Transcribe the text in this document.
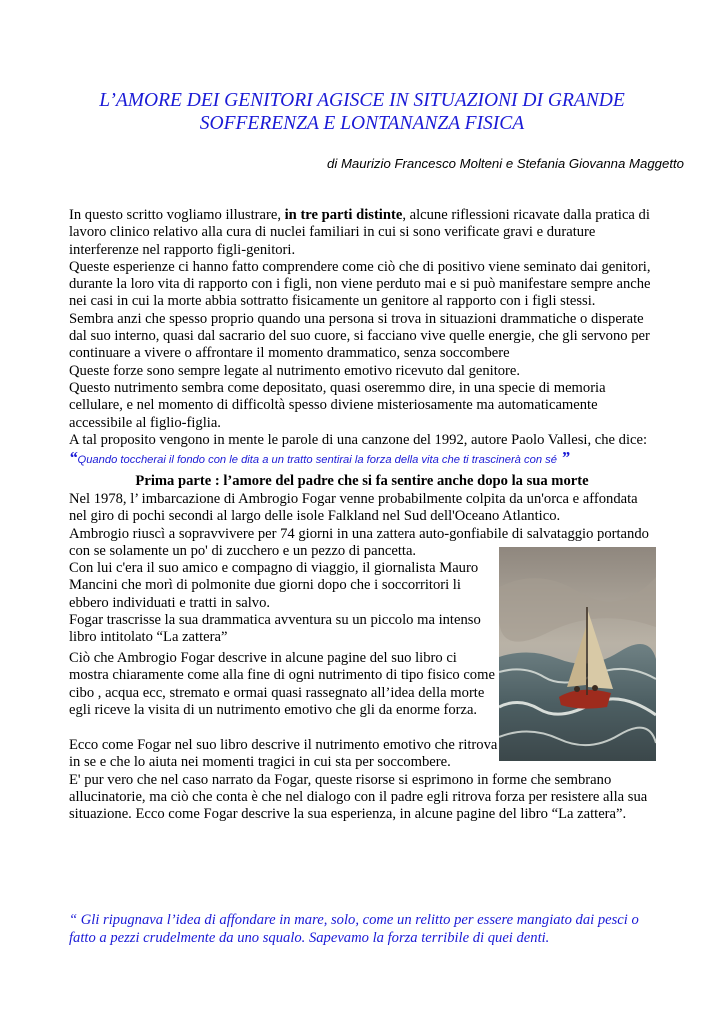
L’AMORE DEI GENITORI AGISCE IN SITUAZIONI DI GRANDE
SOFFERENZA E LONTANANZA FISICA
di Maurizio Francesco Molteni e Stefania Giovanna Maggetto

In questo scritto vogliamo illustrare, in tre parti distinte, alcune riflessioni ricavate dalla pratica di

lavoro clinico relativo alla cura di nuclei familiari in cui si sono verificate gravi e durature

interferenze nel rapporto figli-genitori.

Queste esperienze ci hanno fatto comprendere come ciò che di positivo viene seminato dai genitori,

durante la loro vita di rapporto con i figli, non viene perduto mai e si può manifestare sempre anche

nei casi in cui la morte abbia sottratto fisicamente un genitore al rapporto con i figli stessi.

Sembra anzi che spesso proprio quando una persona si trova in situazioni drammatiche o disperate

dal suo interno, quasi dal sacrario del suo cuore, si facciano vive quelle energie, che gli servono per

continuare a vivere o affrontare il momento drammatico, senza soccombere

Queste forze sono sempre legate al nutrimento emotivo ricevuto dal genitore.

Questo nutrimento sembra come depositato, quasi oseremmo dire, in una specie di memoria

cellulare, e nel momento di difficoltà spesso diviene misteriosamente ma automaticamente

accessibile al figlio-figlia.

A tal proposito vengono in mente le parole di una canzone del 1992, autore Paolo Vallesi, che dice:

“Quando toccherai il fondo con le dita a un tratto sentirai la forza della vita che ti trascinerà con sé ”

Prima parte : l’amore del padre che si fa sentire anche dopo la sua morte

Nel 1978, l’ imbarcazione di Ambrogio Fogar venne probabilmente colpita da un'orca e affondata

nel giro di pochi secondi al largo delle isole Falkland nel Sud dell'Oceano Atlantico.

Ambrogio riuscì a sopravvivere per 74 giorni in una zattera auto-gonfiabile di salvataggio portando

con se solamente un po' di zucchero e un pezzo di pancetta.

Con lui c'era il suo amico e compagno di viaggio, il giornalista Mauro

Mancini che morì di polmonite due giorni dopo che i soccorritori li

ebbero individuati e tratti in salvo.

Fogar trascrisse la sua drammatica avventura su un piccolo ma intenso

libro intitolato “La zattera”

Ciò che Ambrogio Fogar descrive in alcune pagine del suo libro ci

mostra chiaramente come alla fine di ogni nutrimento di tipo fisico come

cibo , acqua ecc, stremato e ormai quasi rassegnato all’idea della morte

egli riceve la visita di un nutrimento emotivo che gli da enorme forza.

Ecco come Fogar nel suo libro descrive il nutrimento emotivo che ritrova

in se e che lo aiuta nei momenti tragici in cui sta per soccombere.

E' pur vero che nel caso narrato da Fogar, queste risorse si esprimono in forme che sembrano

allucinatorie, ma ciò che conta è che nel dialogo con il padre egli ritrova forza per resistere alla sua

situazione. Ecco come Fogar descrive la sua esperienza, in alcune pagine del libro “La zattera”.

“ Gli ripugnava l’idea di affondare in mare, solo, come un relitto per essere mangiato dai pesci o
fatto a pezzi crudelmente da uno squalo. Sapevamo la forza terribile di quei denti.
